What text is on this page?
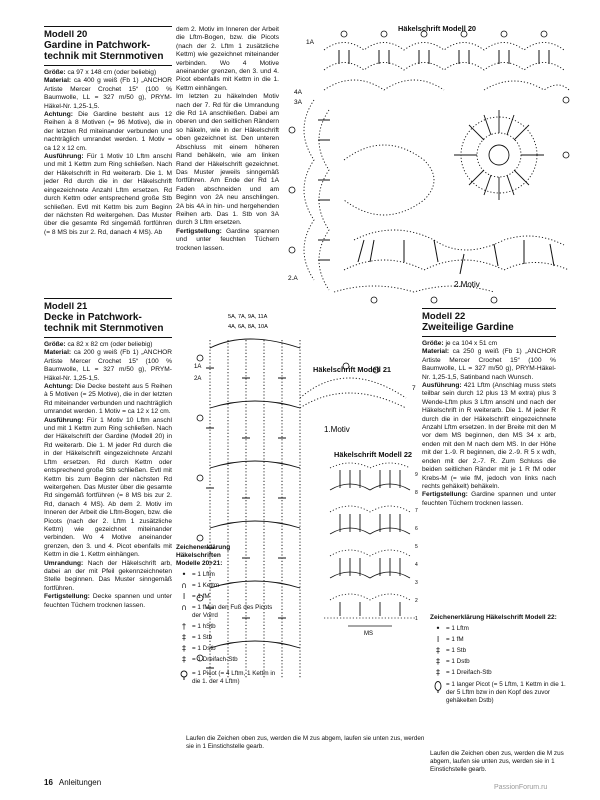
Modell 20
Gardine in Patchwork-
technik mit Sternmotiven

Größe: ca 97 x 148 cm (oder beliebig)

Material: ca 400 g weiß (Fb 1) „ANCHOR Artiste Mercer Crochet 15“ (100 % Baumwolle, LL = 327 m/50 g), PRYM-Häkel-Nr. 1,25-1,5.

Achtung: Die Gardine besteht aus 12 Reihen à 8 Motiven (= 96 Motive), die in der letzten Rd miteinander verbunden und nachträglich umrandet werden. 1 Motiv = ca 12 x 12 cm.

Ausführung: Für 1 Motiv 10 Lftm anschl und mit 1 Kettm zum Ring schließen. Nach der Häkelschrift in Rd weiterarb. Die 1. M jeder Rd durch die in der Häkelschrift eingezeichnete Anzahl Lftm ersetzen. Rd durch Kettm oder entsprechend große Stb schließen. Evtl mit Kettm bis zum Beginn der nächsten Rd weitergehen. Das Muster über die gesamte Rd singemäß fortführen (= 8 MS bis zur 2. Rd, danach 4 MS). Ab

dem 2. Motiv im Inneren der Arbeit die Lftm-Bogen, bzw. die Picots (nach der 2. Lftm 1 zusätzliche Kettm) wie gezeichnet miteinander verbinden. Wo 4 Motive aneinander grenzen, den 3. und 4. Picot ebenfalls mit Kettm in die 1. Kettm einhängen.

Im letzten zu häkelnden Motiv nach der 7. Rd für die Umrandung die Rd 1A anschließen. Dabei am oberen und den seitlichen Rändern so häkeln, wie in der Häkelschrift oben gezeichnet ist. Den unteren Abschluss mit einem höheren Rand behäkeln, wie am linken Rand der Häkelschrift gezeichnet. Das Muster jeweils sinngemäß fortführen. Am Ende der Rd 1A Faden abschneiden und am Beginn von 2A neu anschlingen. 2A bis 4A in hin- und hergehenden Reihen arb. Das 1. Stb von 3A durch 3 Lftm ersetzen.

Fertigstellung: Gardine spannen und unter feuchten Tüchern trocknen lassen.

Modell 21
Decke in Patchwork-
technik mit Sternmotiven

Größe: ca 82 x 82 cm (oder beliebig)

Material: ca 200 g weiß (Fb 1) „ANCHOR Artiste Mercer Crochet 15“ (100 % Baumwolle, LL = 327 m/50 g), PRYM-Häkel-Nr. 1,25-1,5.

Achtung: Die Decke besteht aus 5 Reihen à 5 Motiven (= 25 Motive), die in der letzten Rd miteinander verbunden und nachträglich umrandet werden. 1 Motiv = ca 12 x 12 cm.

Ausführung: Für 1 Motiv 10 Lftm anschl und mit 1 Kettm zum Ring schließen. Nach der Häkelschrift der Gardine (Modell 20) in Rd weiterarb. Die 1. M jeder Rd durch die in der Häkelschrift eingezeichnete Anzahl Lftm ersetzen. Rd durch Kettm oder entsprechend große Stb schließen. Evtl mit Kettm bis zum Beginn der nächsten Rd weitergehen. Das Muster über die gesamte Rd singemäß fortführen (= 8 MS bis zur 2. Rd, danach 4 MS). Ab dem 2. Motiv im Inneren der Arbeit die Lftm-Bogen, bzw. die Picots (nach der 2. Lftm 1 zusätzliche Kettm) wie gezeichnet miteinander verbinden. Wo 4 Motive aneinander grenzen, den 3. und 4. Picot ebenfalls mit Kettm in die 1. Kettm einhängen.

Umrandung: Nach der Häkelschrift arb, dabei an der mit Pfeil gekennzeichneten Stelle beginnen. Das Muster sinngemäß fortführen.

Fertigstellung: Decke spannen und unter feuchten Tüchern trocknen lassen.

Modell 22
Zweiteilige Gardine

Größe: je ca 104 x 51 cm

Material: ca 250 g weiß (Fb 1) „ANCHOR Artiste Mercer Crochet 15“ (100 % Baumwolle, LL = 327 m/50 g), PRYM-Häkel-Nr. 1,25-1,5, Satinband nach Wunsch.

Ausführung: 421 Lftm (Anschlag muss stets teilbar sein durch 12 plus 13 M extra) plus 3 Wende-Lftm plus 3 Lftm anschl und nach der Häkelschrift in R weiterarb. Die 1. M jeder R durch die in der Häkelschrift eingezeichnete Anzahl Lftm ersetzen. In der Breite mit den M vor dem MS beginnen, den MS 34 x arb, enden mit den M nach dem MS. In der Höhe mit der 1.-9. R beginnen, die 2.-9. R 5 x wdh, enden mit der 2.-7. R. Zum Schluss die beiden seitlichen Ränder mit je 1 R fM oder Krebs-M (= wie fM, jedoch von links nach rechts gehäkelt) behäkeln.

Fertigstellung: Gardine spannen und unter feuchten Tüchern trocknen lassen.

Häkelschrift Modell 20
1A
4A
3A
2.Motiv
2.A
Häkelschrift Modell 21
5A, 7A, 9A, 11A
4A, 6A, 8A, 10A
7
1.Motiv
1A
2A
Häkelschrift Modell 22
MS
1
2
3
4
5
6
7
8
9
Zeichenerklärung
Häkelschriften
Modelle 20+21:
• = 1 Lftm
∩ = 1 Kettm
I	= 1 fM
∩ = 1 fM in den Fuß des Picots der Vorrd
† = 1 hStb
‡ = 1 Stb
‡ = 1 Dstb
‡ = 1 Dreifach-Stb
= 1 Picot (= 4 Lftm, 1 Kettm in die 1. der 4 Lftm)
Laufen die Zeichen oben zus, werden die M zus abgem, laufen sie unten zus, werden sie in 1 Einstichstelle gearb.
Zeichenerklärung Häkelschrift Modell 22:
• = 1 Lftm
I	= 1 fM
‡ = 1 Stb
‡ = 1 Dstb
‡ = 1 Dreifach-Stb
= 1 langer Picot (= 5 Lftm, 1 Kettm in die 1. der 5 Lftm bzw in den Kopf des zuvor gehäkelten Dstb)
Laufen die Zeichen oben zus, werden die M zus abgem, laufen sie unten zus, werden sie in 1 Einstichstelle gearb.
16 Anleitungen
PassionForum.ru
